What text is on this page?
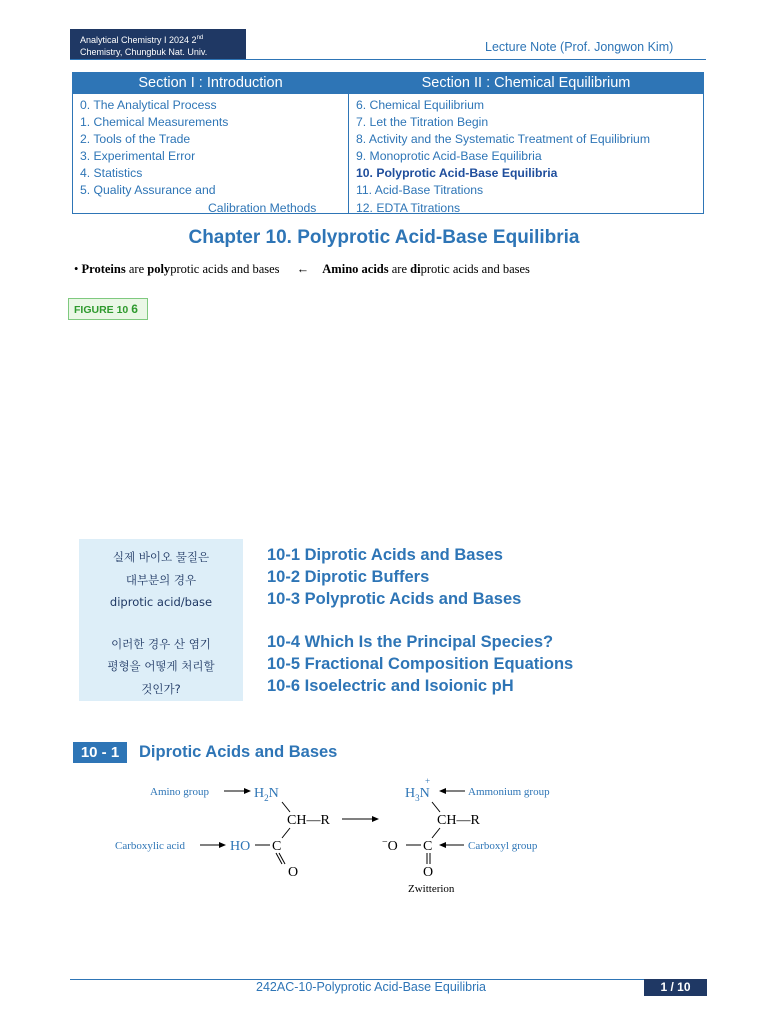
Analytical Chemistry I 2024 2nd
Chemistry, Chungbuk Nat. Univ.	Lecture Note (Prof. Jongwon Kim)
Section I : Introduction
0. The Analytical Process
1. Chemical Measurements
2. Tools of the Trade
3. Experimental Error
4. Statistics
5. Quality Assurance and
Calibration Methods
Section II : Chemical Equilibrium
6. Chemical Equilibrium
7. Let the Titration Begin
8. Activity and the Systematic Treatment of Equilibrium
9. Monoprotic Acid-Base Equilibria
10. Polyprotic Acid-Base Equilibria
11. Acid-Base Titrations
12. EDTA Titrations
Chapter 10. Polyprotic Acid-Base Equilibria
• Proteins are polyprotic acids and bases ← Amino acids are diprotic acids and bases
FIGURE 10 6
실제 바이오 물질은
대부분의 경우
diprotic acid/base
이러한 경우 산 염기
평형을 어떻게 처리할
것인가?
10-1 Diprotic Acids and Bases
10-2 Diprotic Buffers
10-3 Polyprotic Acids and Bases
10-4 Which Is the Principal Species?
10-5 Fractional Composition Equations
10-6 Isoelectric and Isoionic pH
10 - 1	Diprotic Acids and Bases
Amino group	$H_2N$
CH—R
Carboxylic acid	HO C
O
+
$H_3N$	Ammonium group
CH—R
−O C	Carboxyl group
O
Zwitterion
242AC-10-Polyprotic Acid-Base Equilibria	1 / 10
